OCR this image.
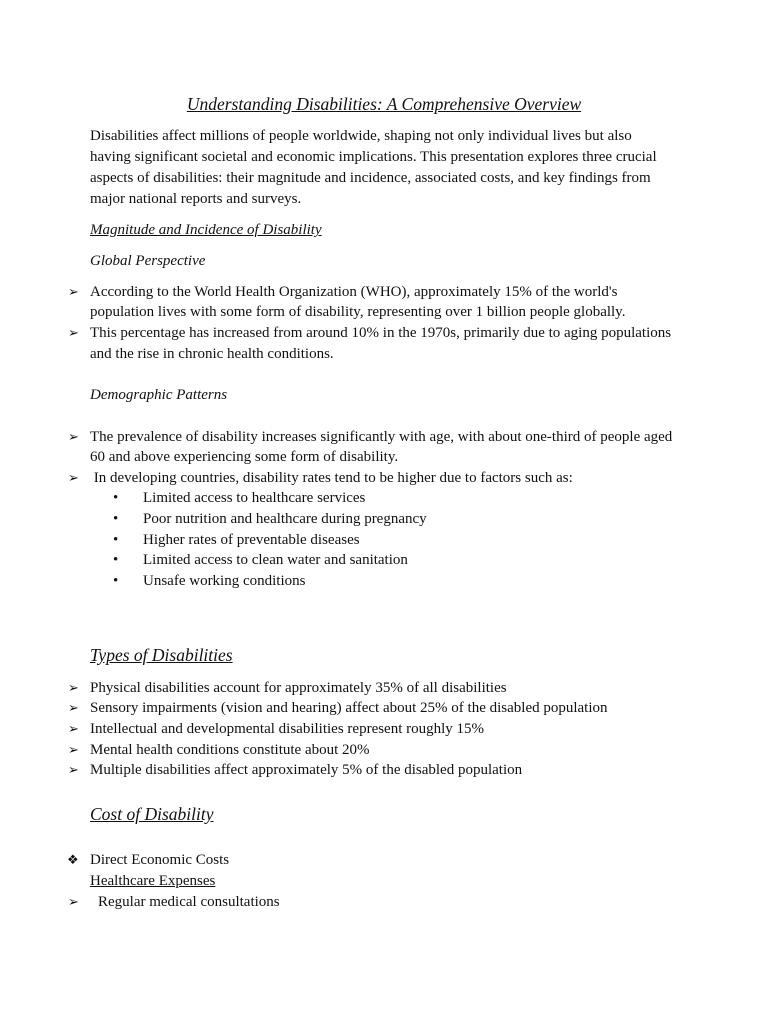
Understanding Disabilities: A Comprehensive Overview
Disabilities affect millions of people worldwide, shaping not only individual lives but also
having significant societal and economic implications. This presentation explores three crucial
aspects of disabilities: their magnitude and incidence, associated costs, and key findings from
major national reports and surveys.
Magnitude and Incidence of Disability
Global Perspective
➢ According to the World Health Organization (WHO), approximately 15% of the world's
population lives with some form of disability, representing over 1 billion people globally.
➢ This percentage has increased from around 10% in the 1970s, primarily due to aging populations
and the rise in chronic health conditions.
Demographic Patterns
➢ The prevalence of disability increases significantly with age, with about one-third of people aged
60 and above experiencing some form of disability.
➢ In developing countries, disability rates tend to be higher due to factors such as:
• Limited access to healthcare services
• Poor nutrition and healthcare during pregnancy
• Higher rates of preventable diseases
• Limited access to clean water and sanitation
• Unsafe working conditions
Types of Disabilities
➢ Physical disabilities account for approximately 35% of all disabilities
➢ Sensory impairments (vision and hearing) affect about 25% of the disabled population
➢ Intellectual and developmental disabilities represent roughly 15%
➢ Mental health conditions constitute about 20%
➢ Multiple disabilities affect approximately 5% of the disabled population
Cost of Disability
❖ Direct Economic Costs
Healthcare Expenses
➢ Regular medical consultations
